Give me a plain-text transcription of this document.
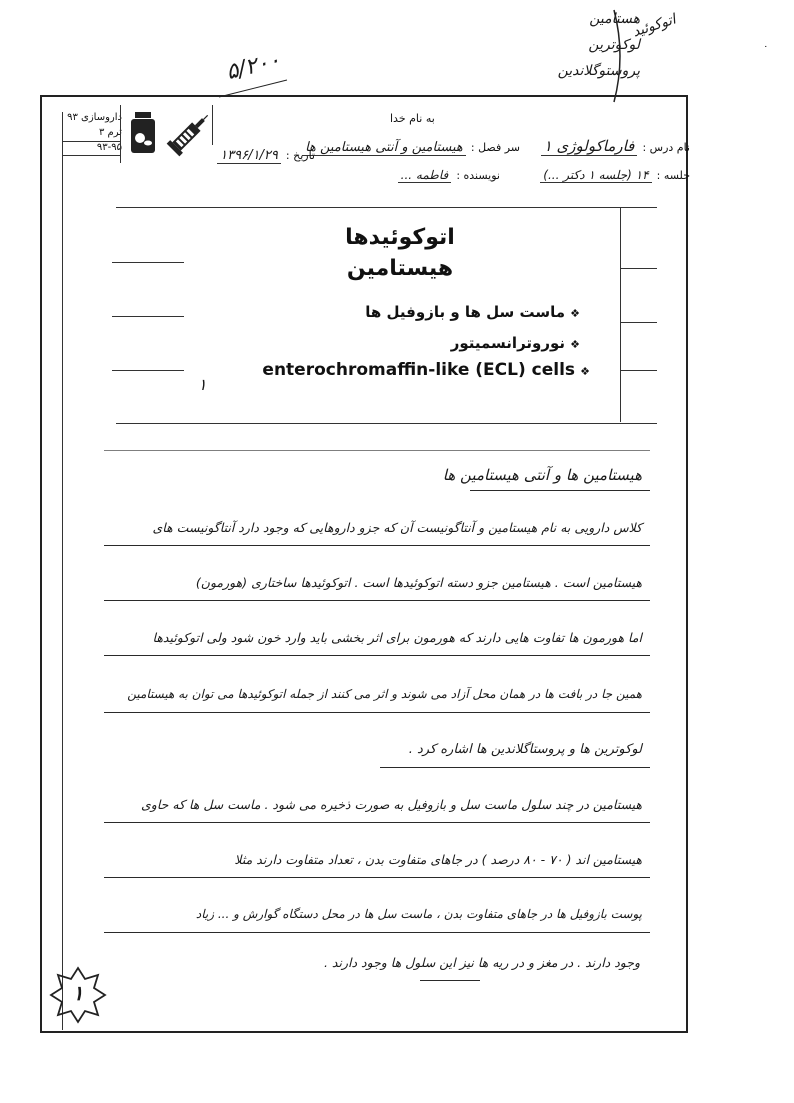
هستامین
لوکوترین
پروستوگلاندین
اتوکوئید
˙
۵/۲۰۰
داروسازی ۹۳
ترم ۳
۹۳-۹۵
به نام خدا
نام درس : فارماکولوژی ۱
سر فصل : هیستامین و آنتی هیستامین ها
تاریخ : ۱۳۹۶/۱/۲۹
جلسه : ۱۴ (جلسه ۱ دکتر ...)
نویسنده : فاطمه ...
اتوکوئیدها
هیستامین
❖ ماست سل ها و بازوفیل ها
❖ نوروترانسمیتور
enterochromaffin-like (ECL) cells ❖
۱
هیستامین ها و آنتی هیستامین ها
کلاس دارویی به نام هیستامین و آنتاگونیست آن که جزو داروهایی که وجود دارد آنتاگونیست های
هیستامین است . هیستامین جزو دسته اتوکوئیدها است . اتوکوئیدها ساختاری (هورمون)
اما هورمون ها تفاوت هایی دارند که هورمون برای اثر بخشی باید وارد خون شود ولی اتوکوئیدها
همین جا در بافت ها در همان محل آزاد می شوند و اثر می کنند از جمله اتوکوئیدها می توان به هیستامین
لوکوترین ها و پروستاگلاندین ها اشاره کرد .
هیستامین در چند سلول ماست سل و بازوفیل به صورت ذخیره می شود . ماست سل ها که حاوی
هیستامین اند ( ۷۰ - ۸۰ درصد ) در جاهای متفاوت بدن ، تعداد متفاوت دارند مثلا
پوست بازوفیل ها در جاهای متفاوت بدن ، ماست سل ها در محل دستگاه گوارش و ... زیاد
وجود دارند . در مغز و در ریه ها نیز این سلول ها وجود دارند .
۱
